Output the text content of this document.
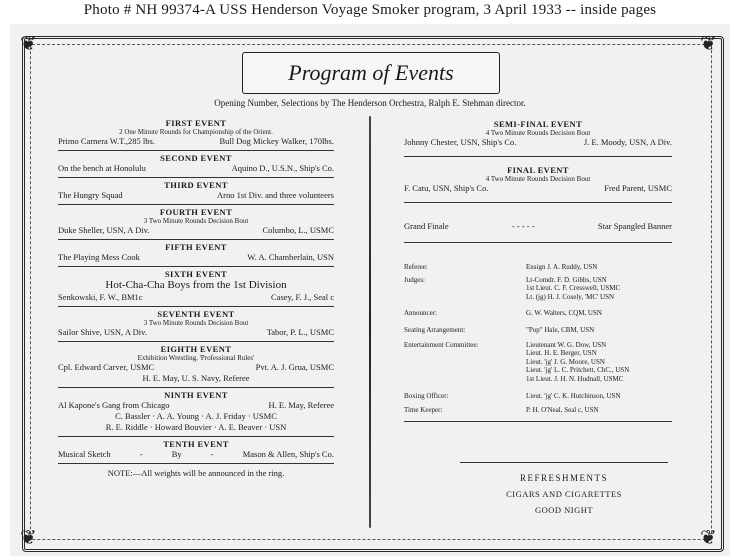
Photo # NH 99374-A USS Henderson Voyage Smoker program, 3 April 1933 -- inside pages
❦	❦
❦	❦
Program of Events
Opening Number, Selections by The Henderson Orchestra, Ralph E. Stehman director.
FIRST EVENT
2 One Minute Rounds for Championship of the Orient.
Primo Carnera W.T.,285 lbs.	Bull Dog Mickey Walker, 170lbs.
SECOND EVENT
On the bench at Honolulu	Aquino D., U.S.N., Ship's Co.
THIRD EVENT
The Hungry Squad	Arno 1st Div. and three volunteers
FOURTH EVENT
3 Two Minute Rounds Decision Bout
Duke Sheller, USN, A Div.	Columbo, L., USMC
FIFTH EVENT
The Playing Mess Cook	W. A. Chamberlain, USN
SIXTH EVENT
Hot-Cha-Cha Boys from the 1st Division
Senkowski, F. W., BM1c	Casey, F. J., Seal c
SEVENTH EVENT
3 Two Minute Rounds Decision Bout
Sailor Shive, USN, A Div.	Tabor, P. L., USMC
EIGHTH EVENT
Exhibition Wrestling, 'Professional Rules'
Cpl. Edward Carver, USMC	Pvt. A. J. Grua, USMC
H. E. May, U. S. Navy, Referee
NINTH EVENT
Al Kapone's Gang from Chicago	H. E. May, Referee
C. Bassler · A. A. Young · A. J. Friday · USMC
R. E. Riddle · Howard Bouvier · A. E. Beaver · USN
TENTH EVENT
Musical Sketch	-	By	-	Mason & Allen, Ship's Co.
NOTE:—All weights will be announced in the ring.
SEMI-FINAL EVENT
4 Two Minute Rounds Decision Bout
Johnny Chester, USN, Ship's Co.	J. E. Moody, USN, A Div.
FINAL EVENT
4 Two Minute Rounds Decision Bout
F. Catu, USN, Ship's Co.	Fred Parent, USMC
Grand Finale	- - - - -	Star Spangled Banner
Referee:	Ensign J. A. Ruddy, USN
Judges:	Lt-Comdr. F. D. Gibbs, USN
1st Lieut. C. F. Cresswell, USMC
Lt. (jg) H. J. Cosely, 'MC' USN
Announcer:	G. W. Walters, CQM, USN
Seating Arrangement:	"Pop" Hale, CBM, USN
Entertainment Committee:	Lieutenant W. G. Dow, USN
Lieut. H. E. Berger, USN
Lieut. 'jg' J. G. Moore, USN
Lieut. 'jg' L. C. Pritchett, ChC., USN
1st Lieut. J. H. N. Hudnall, USMC
Boxing Officer:	Lieut. 'jg' C. K. Hutchinson, USN
Time Keeper:	P. H. O'Neal, Seal c, USN
REFRESHMENTS
CIGARS AND CIGARETTES
GOOD NIGHT
